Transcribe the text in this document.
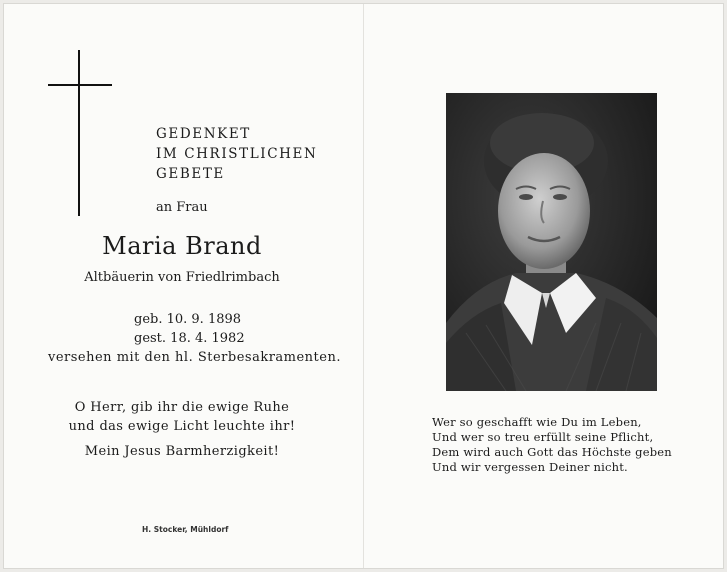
GEDENKET
IM CHRISTLICHEN
GEBETE
an Frau
Maria Brand
Altbäuerin von Friedlrimbach
geb. 10. 9. 1898
gest. 18. 4. 1982
versehen mit den hl. Sterbesakramenten.
O Herr, gib ihr die ewige Ruhe
und das ewige Licht leuchte ihr!
Mein Jesus Barmherzigkeit!
H. Stocker, Mühldorf
Wer so geschafft wie Du im Leben,
Und wer so treu erfüllt seine Pflicht,
Dem wird auch Gott das Höchste geben
Und wir vergessen Deiner nicht.
